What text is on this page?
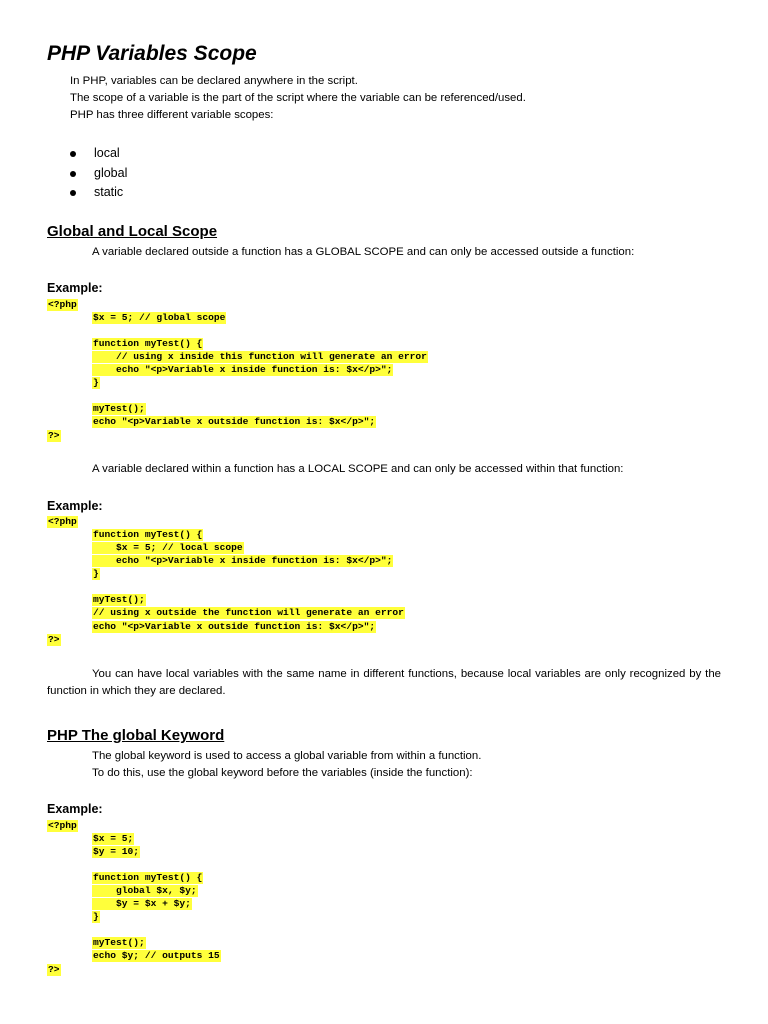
PHP Variables Scope

In PHP, variables can be declared anywhere in the script.

The scope of a variable is the part of the script where the variable can be referenced/used.

PHP has three different variable scopes:

local
global
static
Global and Local Scope

A variable declared outside a function has a GLOBAL SCOPE and can only be accessed outside a function:

Example:

<?php
$x = 5; // global scope
function myTest() {
// using x inside this function will generate an error
echo "<p>Variable x inside function is: $x</p>";
}
myTest();
echo "<p>Variable x outside function is: $x</p>";
?>

A variable declared within a function has a LOCAL SCOPE and can only be accessed within that function:

Example:

<?php
function myTest() {
$x = 5; // local scope
echo "<p>Variable x inside function is: $x</p>";
}
myTest();
// using x outside the function will generate an error
echo "<p>Variable x outside function is: $x</p>";
?>

You can have local variables with the same name in different functions, because local variables are only recognized by the function in which they are declared.

PHP The global Keyword

The global keyword is used to access a global variable from within a function.

To do this, use the global keyword before the variables (inside the function):

Example:

<?php
$x = 5;
$y = 10;
function myTest() {
global $x, $y;
$y = $x + $y;
}
myTest();
echo $y; // outputs 15
?>
